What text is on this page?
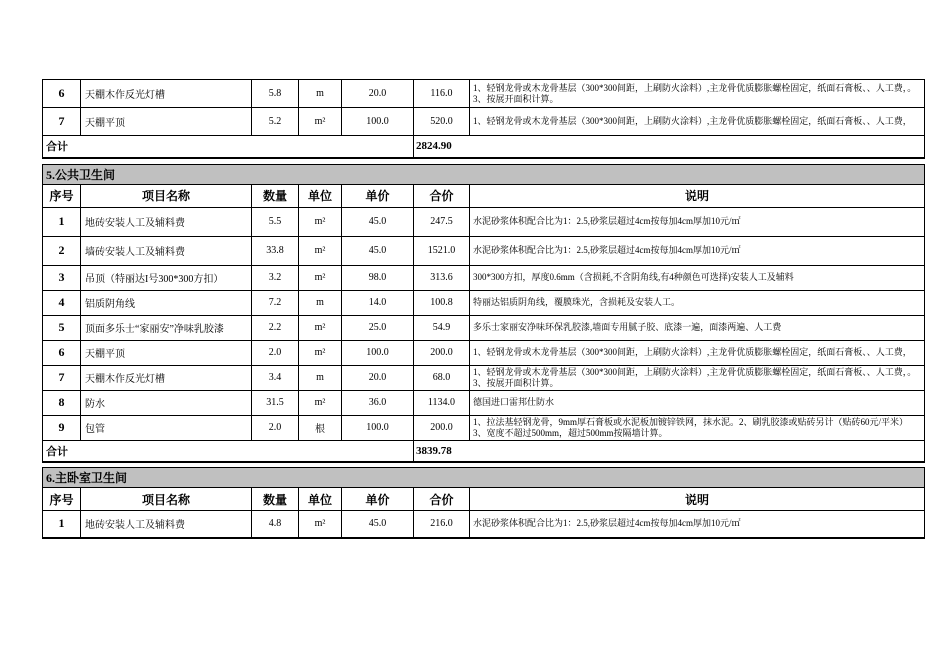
6	天棚木作反光灯槽	5.8	m	20.0	116.0	1、轻钢龙骨或木龙骨基层（300*300间距，上刷防火涂料）,主龙骨优质膨胀螺栓固定，纸面石膏板、、人工费，。3、按展开面积计算。
7	天棚平顶	5.2	m²	100.0	520.0	1、轻钢龙骨或木龙骨基层（300*300间距，上刷防火涂料）,主龙骨优质膨胀螺栓固定，纸面石膏板、、人工费，
合计					2824.90	
5.公共卫生间						
序号	项目名称	数量	单位	单价	合价	说明
1	地砖安装人工及辅料费	5.5	m²	45.0	247.5	水泥砂浆体积配合比为1：2.5,砂浆层超过4cm按每加4cm厚加10元/㎡
2	墙砖安装人工及辅料费	33.8	m²	45.0	1521.0	水泥砂浆体积配合比为1：2.5,砂浆层超过4cm按每加4cm厚加10元/㎡
3	吊顶（特丽达I号300*300方扣）	3.2	m²	98.0	313.6	300*300方扣，厚度0.6mm（含损耗,不含阴角线,有4种颜色可选择)安装人工及辅料
4	铝质阴角线	7.2	m	14.0	100.8	特丽达铝质阴角线，覆膜珠光，含损耗及安装人工。
5	顶面多乐士“家丽安”净味乳胶漆	2.2	m²	25.0	54.9	多乐士家丽安净味环保乳胶漆,墙面专用腻子胶、底漆一遍，面漆两遍、人工费
6	天棚平顶	2.0	m²	100.0	200.0	1、轻钢龙骨或木龙骨基层（300*300间距，上刷防火涂料）,主龙骨优质膨胀螺栓固定，纸面石膏板、、人工费，
7	天棚木作反光灯槽	3.4	m	20.0	68.0	1、轻钢龙骨或木龙骨基层（300*300间距，上刷防火涂料）,主龙骨优质膨胀螺栓固定，纸面石膏板、、人工费，。3、按展开面积计算。
8	防水	31.5	m²	36.0	1134.0	德国进口雷邦仕防水
9	包管	2.0	根	100.0	200.0	1、拉法基轻钢龙骨，9mm厚石膏板或水泥板加镀锌铁网，抹水泥。2、刷乳胶漆或贴砖另计（贴砖60元/平米）3、宽度不超过500mm，超过500mm按隔墙计算。
合计					3839.78	
6.主卧室卫生间						
序号	项目名称	数量	单位	单价	合价	说明
1	地砖安装人工及辅料费	4.8	m²	45.0	216.0	水泥砂浆体积配合比为1：2.5,砂浆层超过4cm按每加4cm厚加10元/㎡
